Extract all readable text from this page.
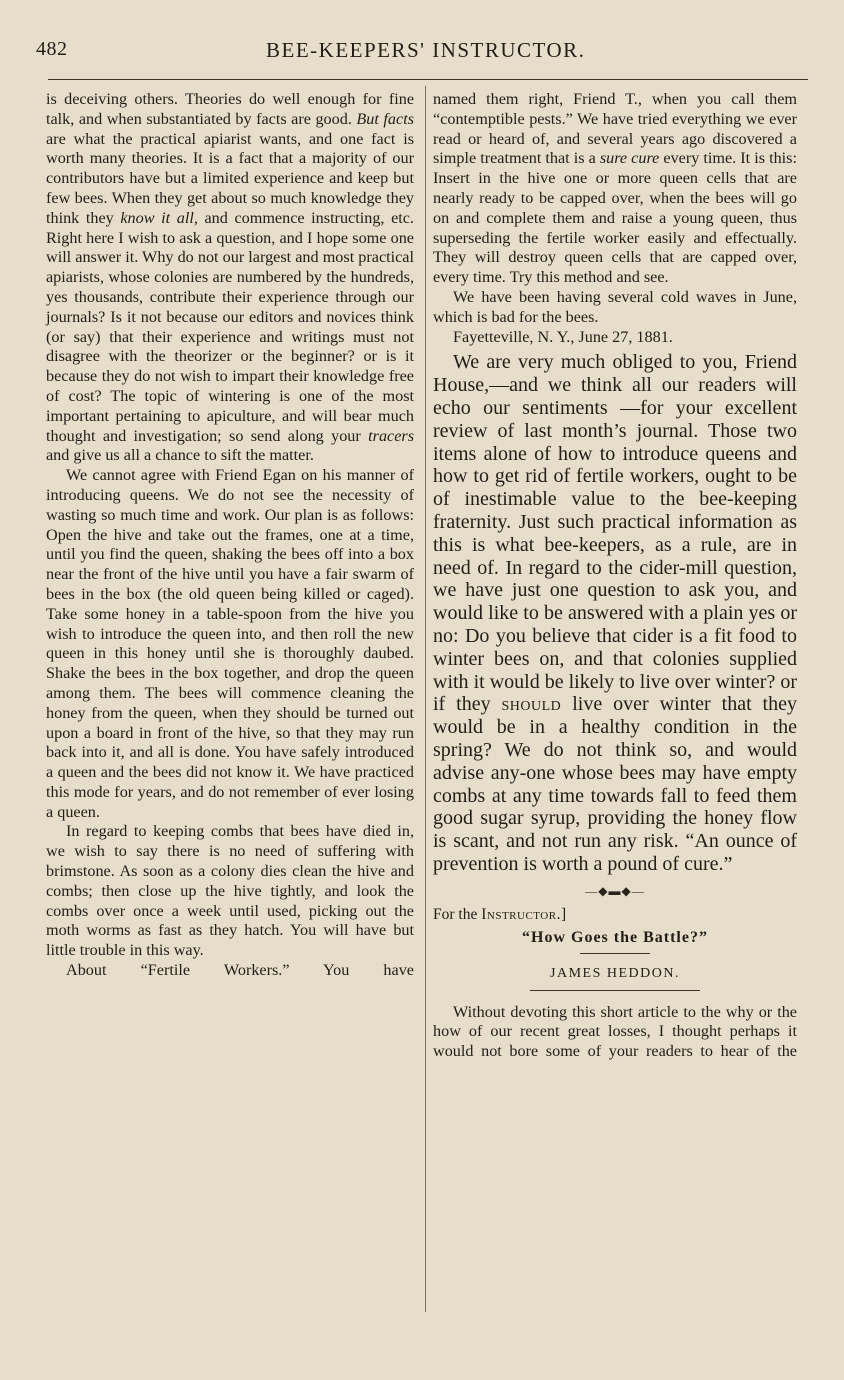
482	BEE-KEEPERS' INSTRUCTOR.

is deceiving others. Theories do well enough for fine talk, and when substantiated by facts are good. But facts are what the practical apiarist wants, and one fact is worth many theories. It is a fact that a majority of our contributors have but a limited experience and keep but few bees. When they get about so much knowledge they think they know it all, and commence instructing, etc. Right here I wish to ask a question, and I hope some one will answer it. Why do not our largest and most practical apiarists, whose colonies are numbered by the hundreds, yes thousands, contribute their experience through our journals? Is it not because our editors and novices think (or say) that their experience and writings must not disagree with the theorizer or the beginner? or is it because they do not wish to impart their knowledge free of cost? The topic of wintering is one of the most important pertaining to apiculture, and will bear much thought and investigation; so send along your tracers and give us all a chance to sift the matter.

We cannot agree with Friend Egan on his manner of introducing queens. We do not see the necessity of wasting so much time and work. Our plan is as follows: Open the hive and take out the frames, one at a time, until you find the queen, shaking the bees off into a box near the front of the hive until you have a fair swarm of bees in the box (the old queen being killed or caged). Take some honey in a table-spoon from the hive you wish to introduce the queen into, and then roll the new queen in this honey until she is thoroughly daubed. Shake the bees in the box together, and drop the queen among them. The bees will commence cleaning the honey from the queen, when they should be turned out upon a board in front of the hive, so that they may run back into it, and all is done. You have safely introduced a queen and the bees did not know it. We have practiced this mode for years, and do not remember of ever losing a queen.

In regard to keeping combs that bees have died in, we wish to say there is no need of suffering with brimstone. As soon as a colony dies clean the hive and combs; then close up the hive tightly, and look the combs over once a week until used, picking out the moth worms as fast as they hatch. You will have but little trouble in this way.

About “Fertile Workers.” You have

named them right, Friend T., when you call them “contemptible pests.” We have tried everything we ever read or heard of, and several years ago discovered a simple treatment that is a sure cure every time. It is this: Insert in the hive one or more queen cells that are nearly ready to be capped over, when the bees will go on and complete them and raise a young queen, thus superseding the fertile worker easily and effectually. They will destroy queen cells that are capped over, every time. Try this method and see.

We have been having several cold waves in June, which is bad for the bees.

Fayetteville, N. Y., June 27, 1881.

We are very much obliged to you, Friend House,—and we think all our readers will echo our sentiments —for your excellent review of last month’s journal. Those two items alone of how to introduce queens and how to get rid of fertile workers, ought to be of inestimable value to the bee-keeping fraternity. Just such practical information as this is what bee-keepers, as a rule, are in need of. In regard to the cider-mill question, we have just one question to ask you, and would like to be answered with a plain yes or no: Do you believe that cider is a fit food to winter bees on, and that colonies supplied with it would be likely to live over winter? or if they should live over winter that they would be in a healthy condition in the spring? We do not think so, and would advise any-one whose bees may have empty combs at any time towards fall to feed them good sugar syrup, providing the honey flow is scant, and not run any risk. “An ounce of prevention is worth a pound of cure.”

—◆▬◆—

For the Instructor.]

“How Goes the Battle?”
JAMES HEDDON.

Without devoting this short article to the why or the how of our recent great losses, I thought perhaps it would not bore some of your readers to hear of the
